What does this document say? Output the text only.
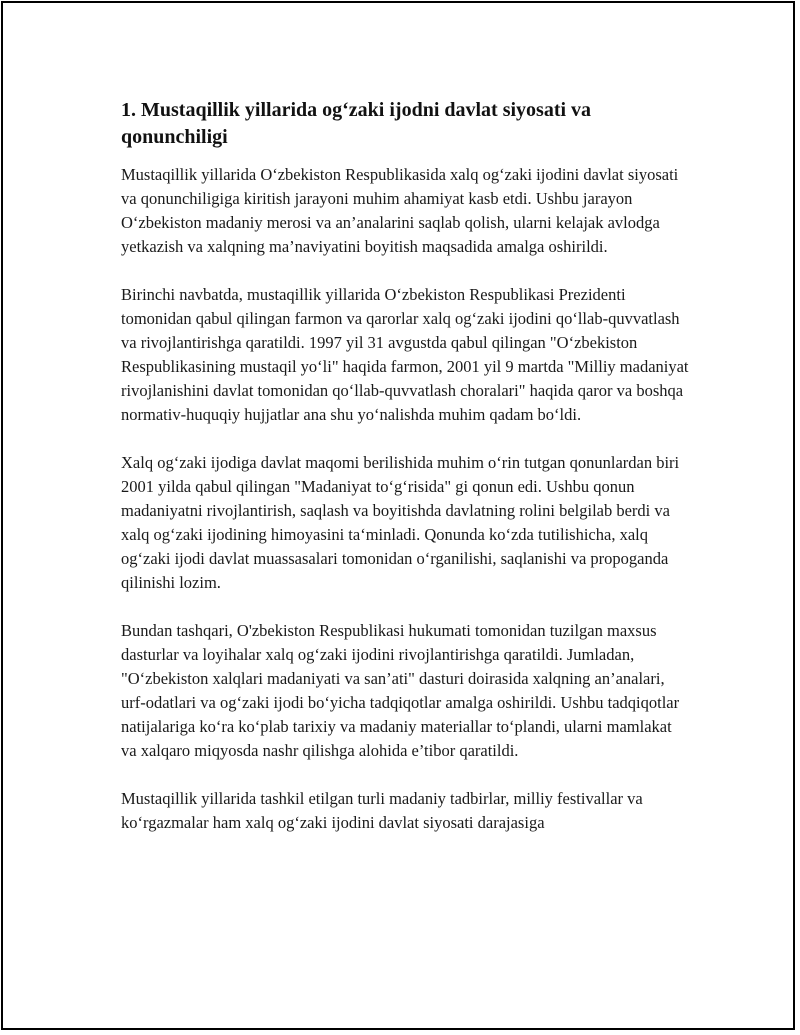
1. Mustaqillik yillarida og‘zaki ijodni davlat siyosati va qonunchiligi

Mustaqillik yillarida O‘zbekiston Respublikasida xalq og‘zaki ijodini davlat siyosati va qonunchiligiga kiritish jarayoni muhim ahamiyat kasb etdi. Ushbu jarayon O‘zbekiston madaniy merosi va an’analarini saqlab qolish, ularni kelajak avlodga yetkazish va xalqning ma’naviyatini boyitish maqsadida amalga oshirildi.

Birinchi navbatda, mustaqillik yillarida O‘zbekiston Respublikasi Prezidenti tomonidan qabul qilingan farmon va qarorlar xalq og‘zaki ijodini qo‘llab-quvvatlash va rivojlantirishga qaratildi. 1997 yil 31 avgustda qabul qilingan "O‘zbekiston Respublikasining mustaqil yo‘li" haqida farmon, 2001 yil 9 martda "Milliy madaniyat rivojlanishini davlat tomonidan qo‘llab-quvvatlash choralari" haqida qaror va boshqa normativ-huquqiy hujjatlar ana shu yo‘nalishda muhim qadam bo‘ldi.

Xalq og‘zaki ijodiga davlat maqomi berilishida muhim o‘rin tutgan qonunlardan biri 2001 yilda qabul qilingan "Madaniyat to‘g‘risida" gi qonun edi. Ushbu qonun madaniyatni rivojlantirish, saqlash va boyitishda davlatning rolini belgilab berdi va xalq og‘zaki ijodining himoyasini ta‘minladi. Qonunda ko‘zda tutilishicha, xalq og‘zaki ijodi davlat muassasalari tomonidan o‘rganilishi, saqlanishi va propoganda qilinishi lozim.

Bundan tashqari, O'zbekiston Respublikasi hukumati tomonidan tuzilgan maxsus dasturlar va loyihalar xalq og‘zaki ijodini rivojlantirishga qaratildi. Jumladan, "O‘zbekiston xalqlari madaniyati va san’ati" dasturi doirasida xalqning an’analari, urf-odatlari va og‘zaki ijodi bo‘yicha tadqiqotlar amalga oshirildi. Ushbu tadqiqotlar natijalariga ko‘ra ko‘plab tarixiy va madaniy materiallar to‘plandi, ularni mamlakat va xalqaro miqyosda nashr qilishga alohida e’tibor qaratildi.

Mustaqillik yillarida tashkil etilgan turli madaniy tadbirlar, milliy festivallar va ko‘rgazmalar ham xalq og‘zaki ijodini davlat siyosati darajasiga
